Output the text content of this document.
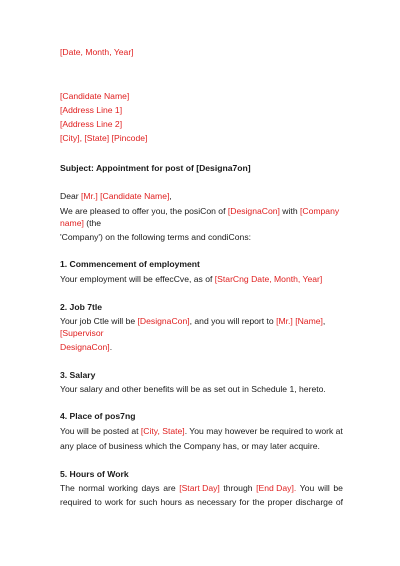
[Date, Month, Year]
[Candidate Name]
[Address Line 1]
[Address Line 2]
[City], [State] [Pincode]
Subject: Appointment for post of [Designa7on]
Dear [Mr.] [Candidate Name],
We are pleased to offer you, the posiCon of [DesignaCon] with [Company
name] (the
'Company') on the following terms and condiCons:
1. Commencement of employment
Your employment will be effecCve, as of [StarCng Date, Month, Year]
2. Job 7tle
Your job Ctle will be [DesignaCon], and you will report to [Mr.] [Name],
[Supervisor
DesignaCon].
3. Salary
Your salary and other benefits will be as set out in Schedule 1, hereto.
4. Place of pos7ng
You will be posted at [City, State]. You may however be required to work at
any place of business which the Company has, or may later acquire.
5. Hours of Work
The normal working days are [Start Day] through [End Day]. You will be
required to work for such hours as necessary for the proper discharge of
